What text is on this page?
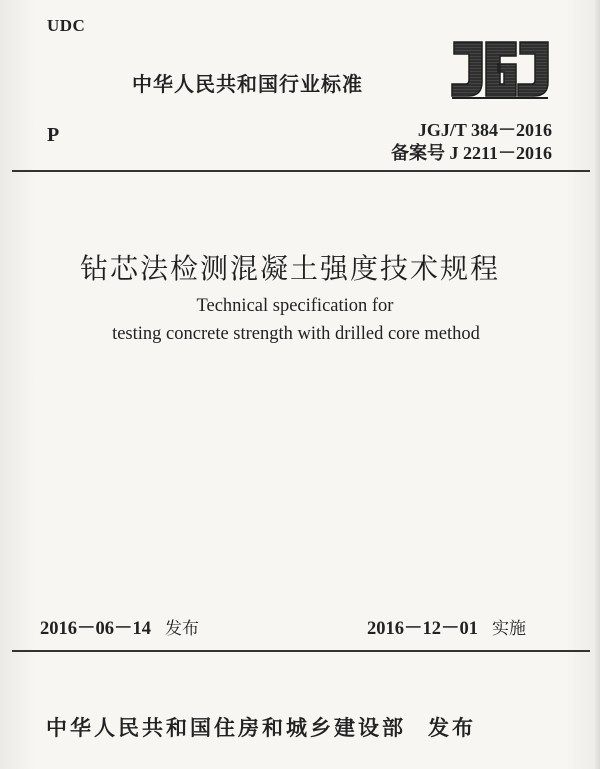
UDC
中华人民共和国行业标准
P	JGJ/T 384－2016
备案号 J 2211－2016
钻芯法检测混凝土强度技术规程
Technical specification for
testing concrete strength with drilled core method
2016－06－14 发布	2016－12－01 实施
中华人民共和国住房和城乡建设部 发布
